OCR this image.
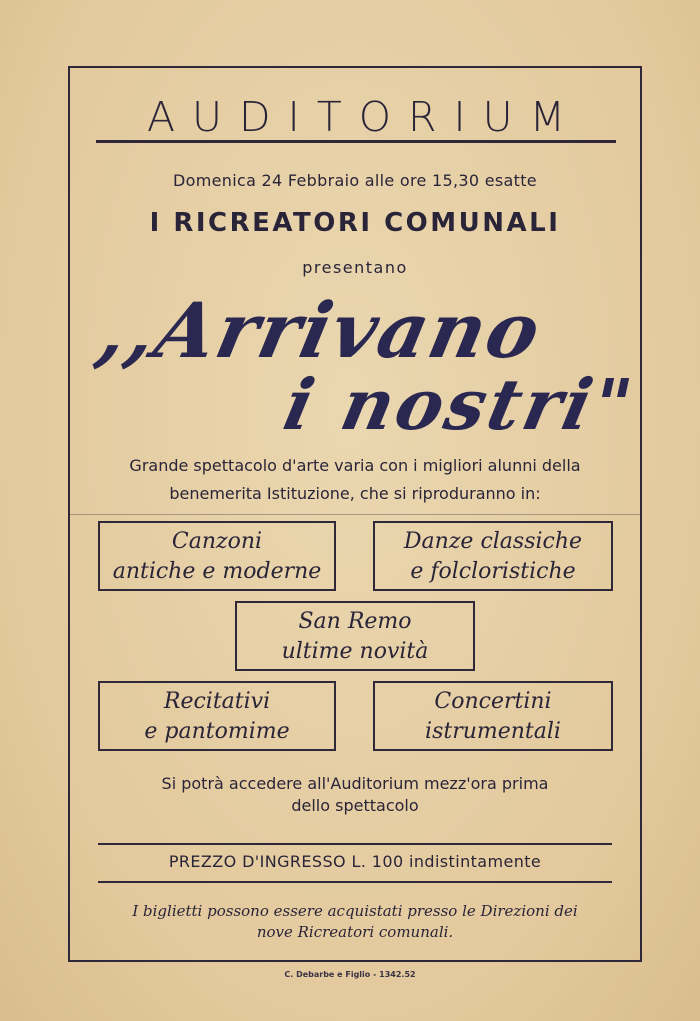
AUDITORIUM
Domenica 24 Febbraio alle ore 15,30 esatte
I RICREATORI COMUNALI
presentano
,,Arrivano
i nostri"
Grande spettacolo d'arte varia con i migliori alunni della
benemerita Istituzione, che si riproduranno in:
Canzoni
antiche e moderne
Danze classiche
e folcloristiche
San Remo
ultime novità
Recitativi
e pantomime
Concertini
istrumentali
Si potrà accedere all'Auditorium mezz'ora prima
dello spettacolo
PREZZO D'INGRESSO L. 100 indistintamente
I biglietti possono essere acquistati presso le Direzioni dei
nove Ricreatori comunali.
C. Debarbe e Figlio - 1342.52
